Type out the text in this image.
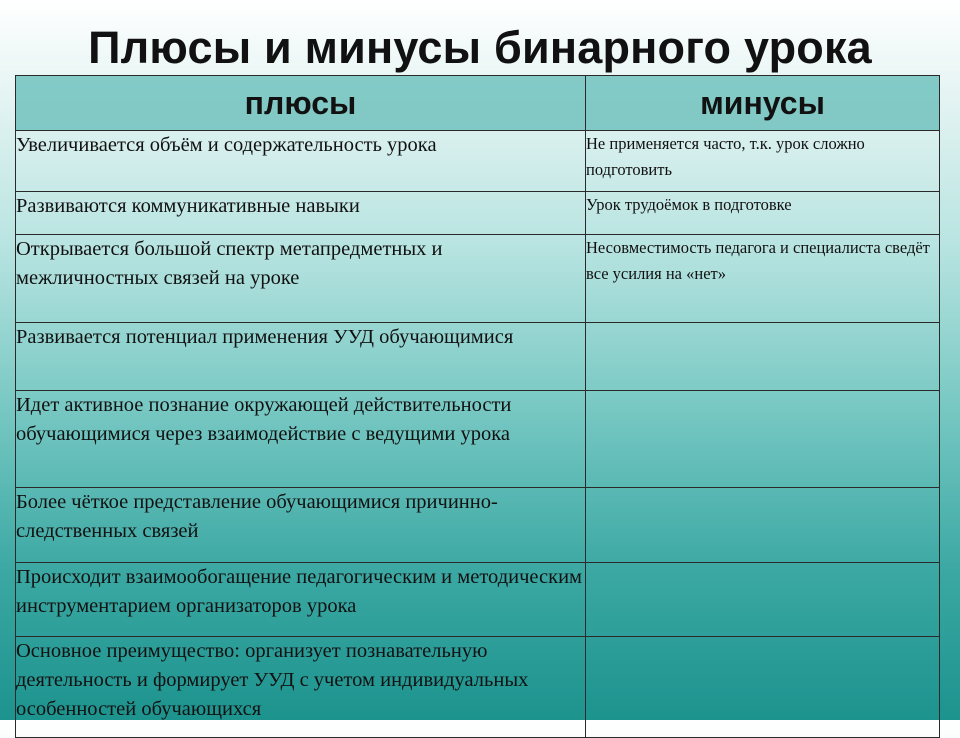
Плюсы и минусы бинарного урока
плюсы	минусы

Увеличивается объём и содержательность урока	Не применяется часто, т.к. урок сложно подготовить

Развиваются коммуникативные навыки	Урок трудоёмок в подготовке

Открывается большой спектр метапредметных и межличностных связей на уроке	Несовместимость педагога и специалиста сведёт все усилия на «нет»

Развивается потенциал применения УУД обучающимися	

Идет активное познание окружающей действительности обучающимися через взаимодействие с ведущими урока	

Более чёткое представление обучающимися причинно- следственных связей	

Происходит взаимообогащение педагогическим и методическим инструментарием организаторов урока	

Основное преимущество: организует познавательную деятельность и формирует УУД с учетом индивидуальных особенностей обучающихся	
